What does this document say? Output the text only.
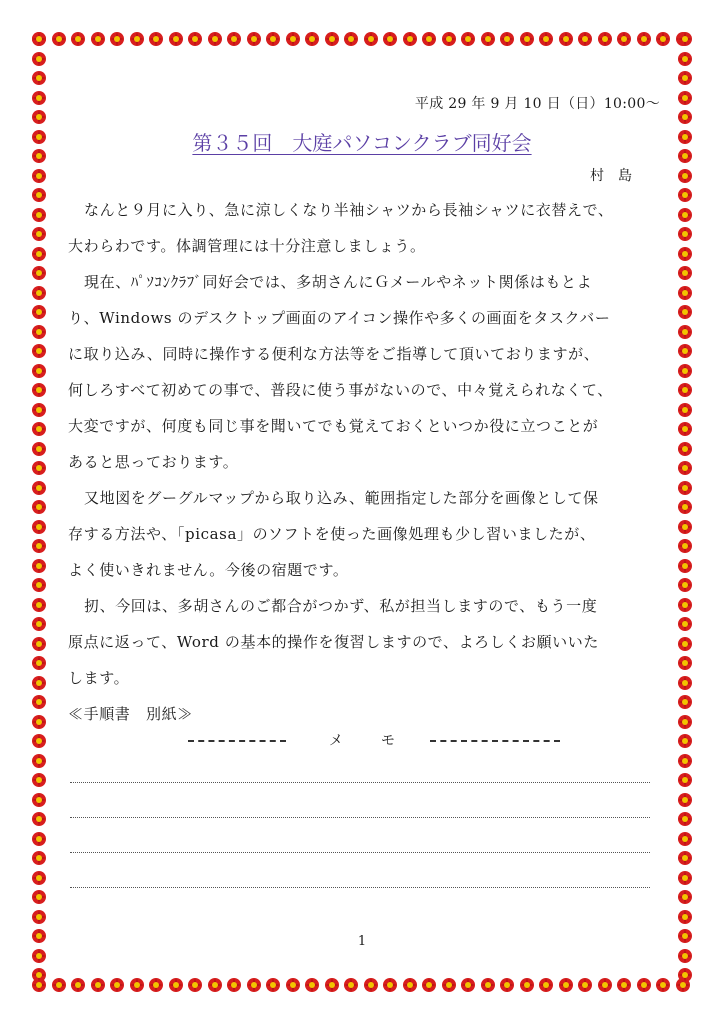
平成 29 年 9 月 10 日（日）10:00～
第３５回　大庭パソコンクラブ同好会
村島
なんと９月に入り、急に涼しくなり半袖シャツから長袖シャツに衣替えで、
大わらわです。体調管理には十分注意しましょう。
現在、ﾊﾟｿｺﾝｸﾗﾌﾞ同好会では、多胡さんにＧメールやネット関係はもとよ
り、Windows のデスクトップ画面のアイコン操作や多くの画面をタスクバー
に取り込み、同時に操作する便利な方法等をご指導して頂いておりますが、
何しろすべて初めての事で、普段に使う事がないので、中々覚えられなくて、
大変ですが、何度も同じ事を聞いてでも覚えておくといつか役に立つことが
あると思っております。
又地図をグーグルマップから取り込み、範囲指定した部分を画像として保
存する方法や、「picasa」のソフトを使った画像処理も少し習いましたが、
よく使いきれません。今後の宿題です。
扨、今回は、多胡さんのご都合がつかず、私が担当しますので、もう一度
原点に返って、Word の基本的操作を復習しますので、よろしくお願いいた
します。
≪手順書　別紙≫
メモ
1
